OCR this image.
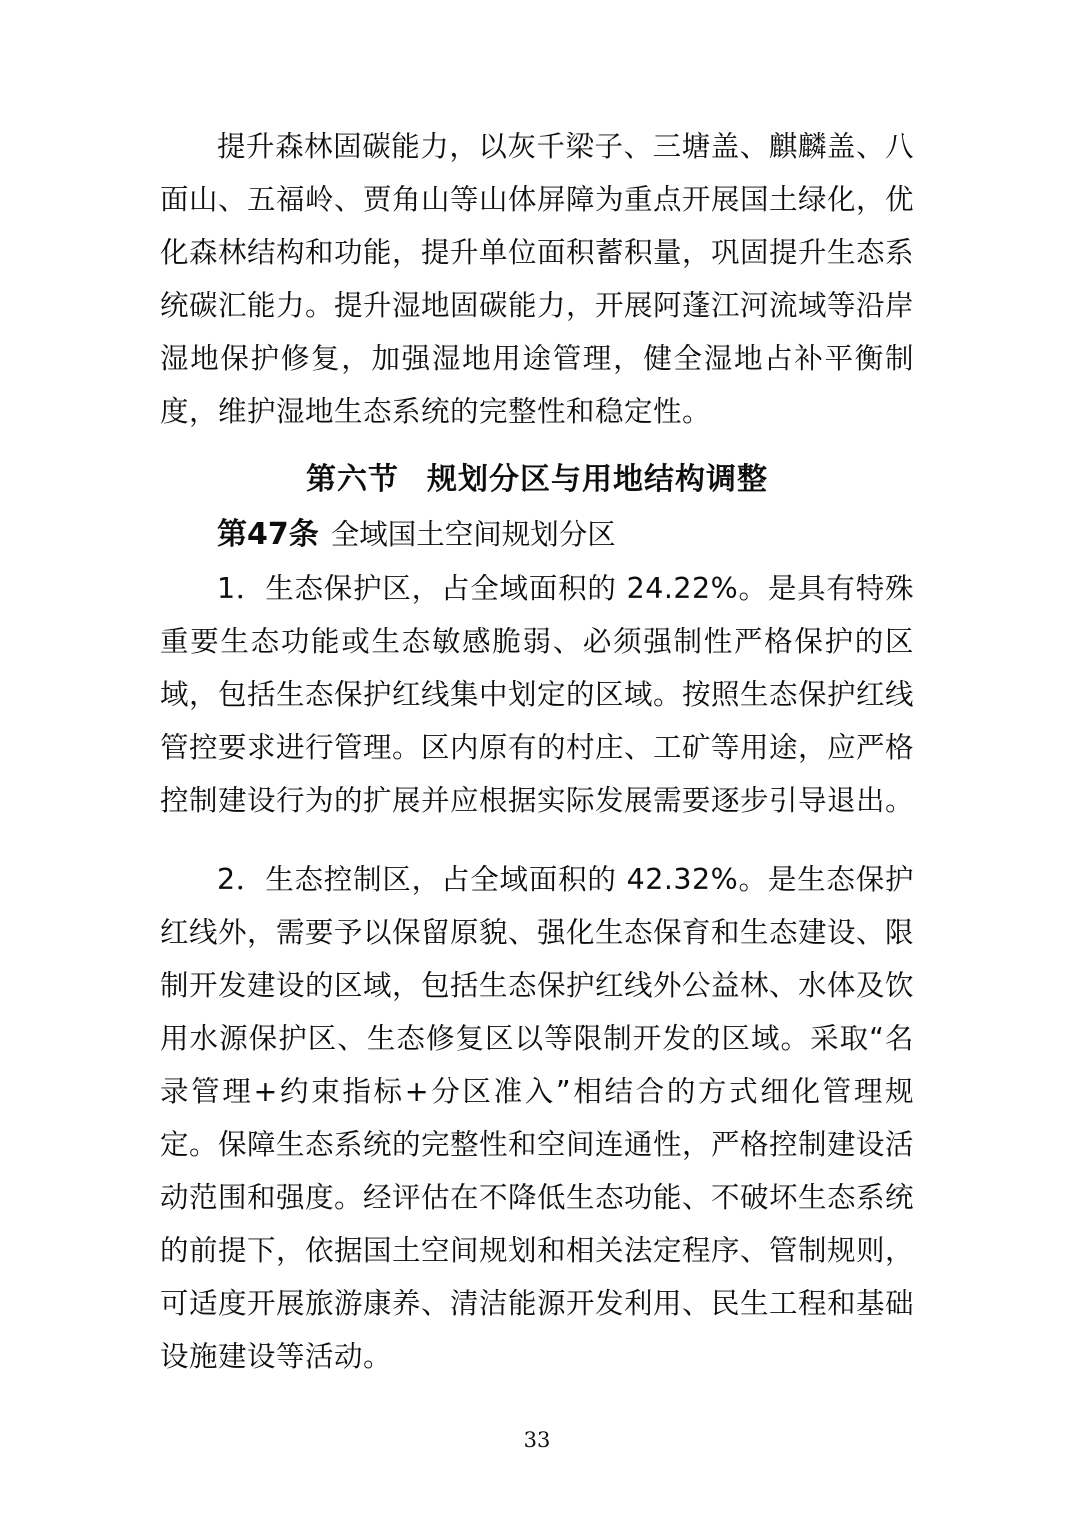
提升森林固碳能力，以灰千梁子、三塘盖、麒麟盖、八面山、五福岭、贾角山等山体屏障为重点开展国土绿化，优化森林结构和功能，提升单位面积蓄积量，巩固提升生态系统碳汇能力。提升湿地固碳能力，开展阿蓬江河流域等沿岸湿地保护修复，加强湿地用途管理，健全湿地占补平衡制度，维护湿地生态系统的完整性和稳定性。

第六节 规划分区与用地结构调整
第47条 全域国土空间规划分区

1．生态保护区，占全域面积的 24.22%。是具有特殊重要生态功能或生态敏感脆弱、必须强制性严格保护的区域，包括生态保护红线集中划定的区域。按照生态保护红线管控要求进行管理。区内原有的村庄、工矿等用途，应严格控制建设行为的扩展并应根据实际发展需要逐步引导退出。

2．生态控制区，占全域面积的 42.32%。是生态保护红线外，需要予以保留原貌、强化生态保育和生态建设、限制开发建设的区域，包括生态保护红线外公益林、水体及饮用水源保护区、生态修复区以等限制开发的区域。采取“名录管理+约束指标+分区准入”相结合的方式细化管理规定。保障生态系统的完整性和空间连通性，严格控制建设活动范围和强度。经评估在不降低生态功能、不破坏生态系统的前提下，依据国土空间规划和相关法定程序、管制规则，可适度开展旅游康养、清洁能源开发利用、民生工程和基础设施建设等活动。

33
